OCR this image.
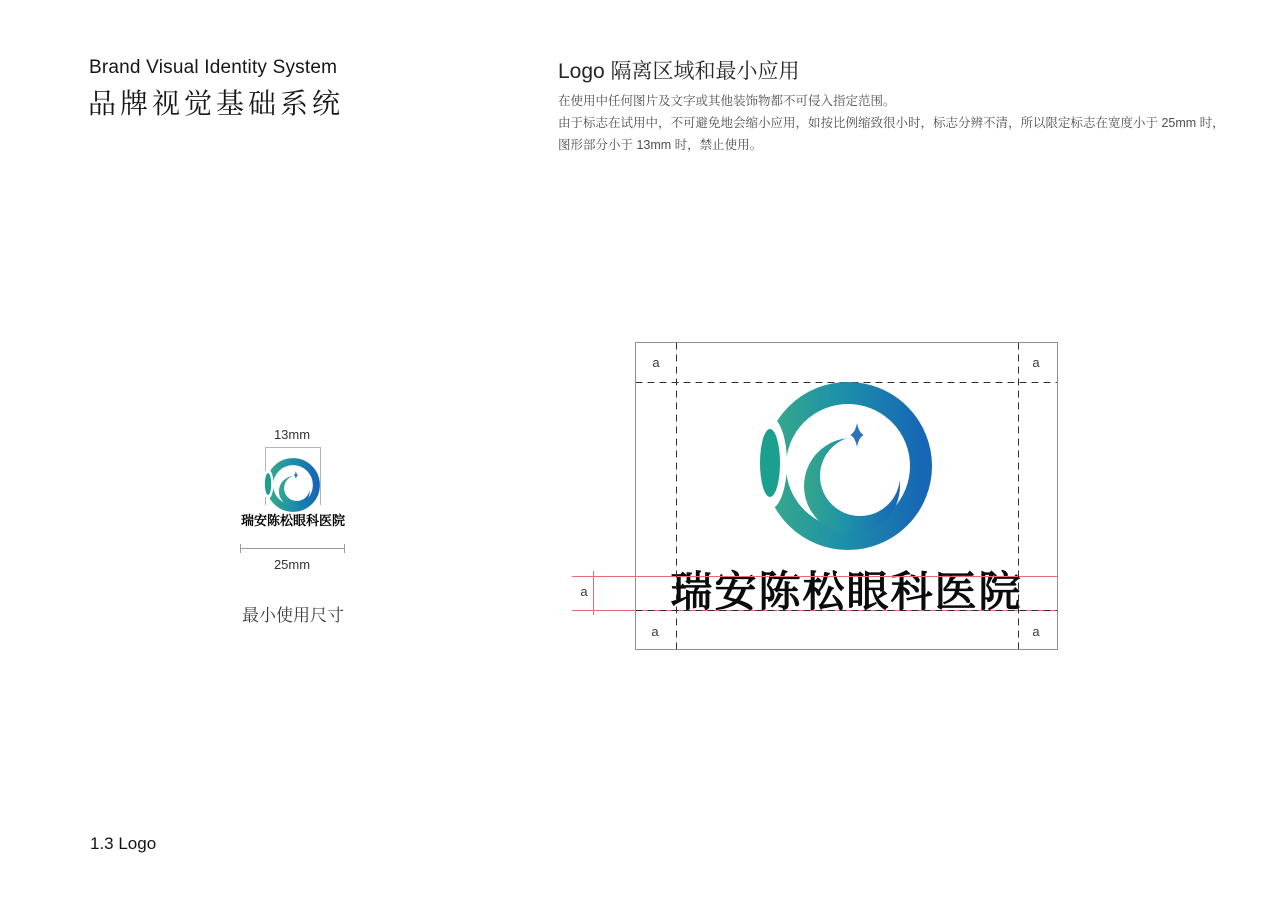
Brand Visual Identity System
品牌视觉基础系统
Logo 隔离区域和最小应用
在使用中任何图片及文字或其他装饰物都不可侵入指定范围。
由于标志在试用中，不可避免地会缩小应用，如按比例缩致很小时，标志分辨不清，所以限定标志在宽度小于 25mm 时，
图形部分小于 13mm 时，禁止使用。
13mm
瑞安陈松眼科医院
25mm
最小使用尺寸
瑞安陈松眼科医院
a	a
a	a
a
1.3 Logo
